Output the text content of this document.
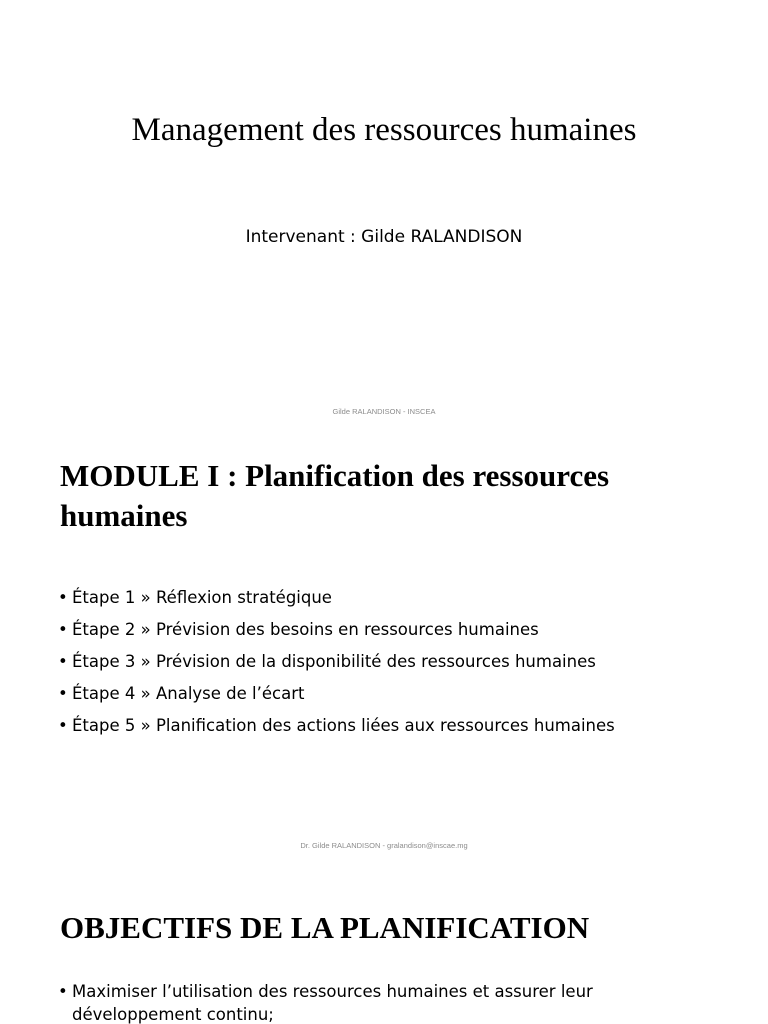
Management des ressources humaines
Intervenant : Gilde RALANDISON
Gilde RALANDISON - INSCEA
MODULE I : Planification des ressources humaines
• Étape 1 » Réflexion stratégique
• Étape 2 » Prévision des besoins en ressources humaines
• Étape 3 » Prévision de la disponibilité des ressources humaines
• Étape 4 » Analyse de l’écart
• Étape 5 » Planification des actions liées aux ressources humaines
Dr. Gilde RALANDISON - gralandison@inscae.mg
OBJECTIFS DE LA PLANIFICATION
• Maximiser l’utilisation des ressources humaines et assurer leur développement continu;
